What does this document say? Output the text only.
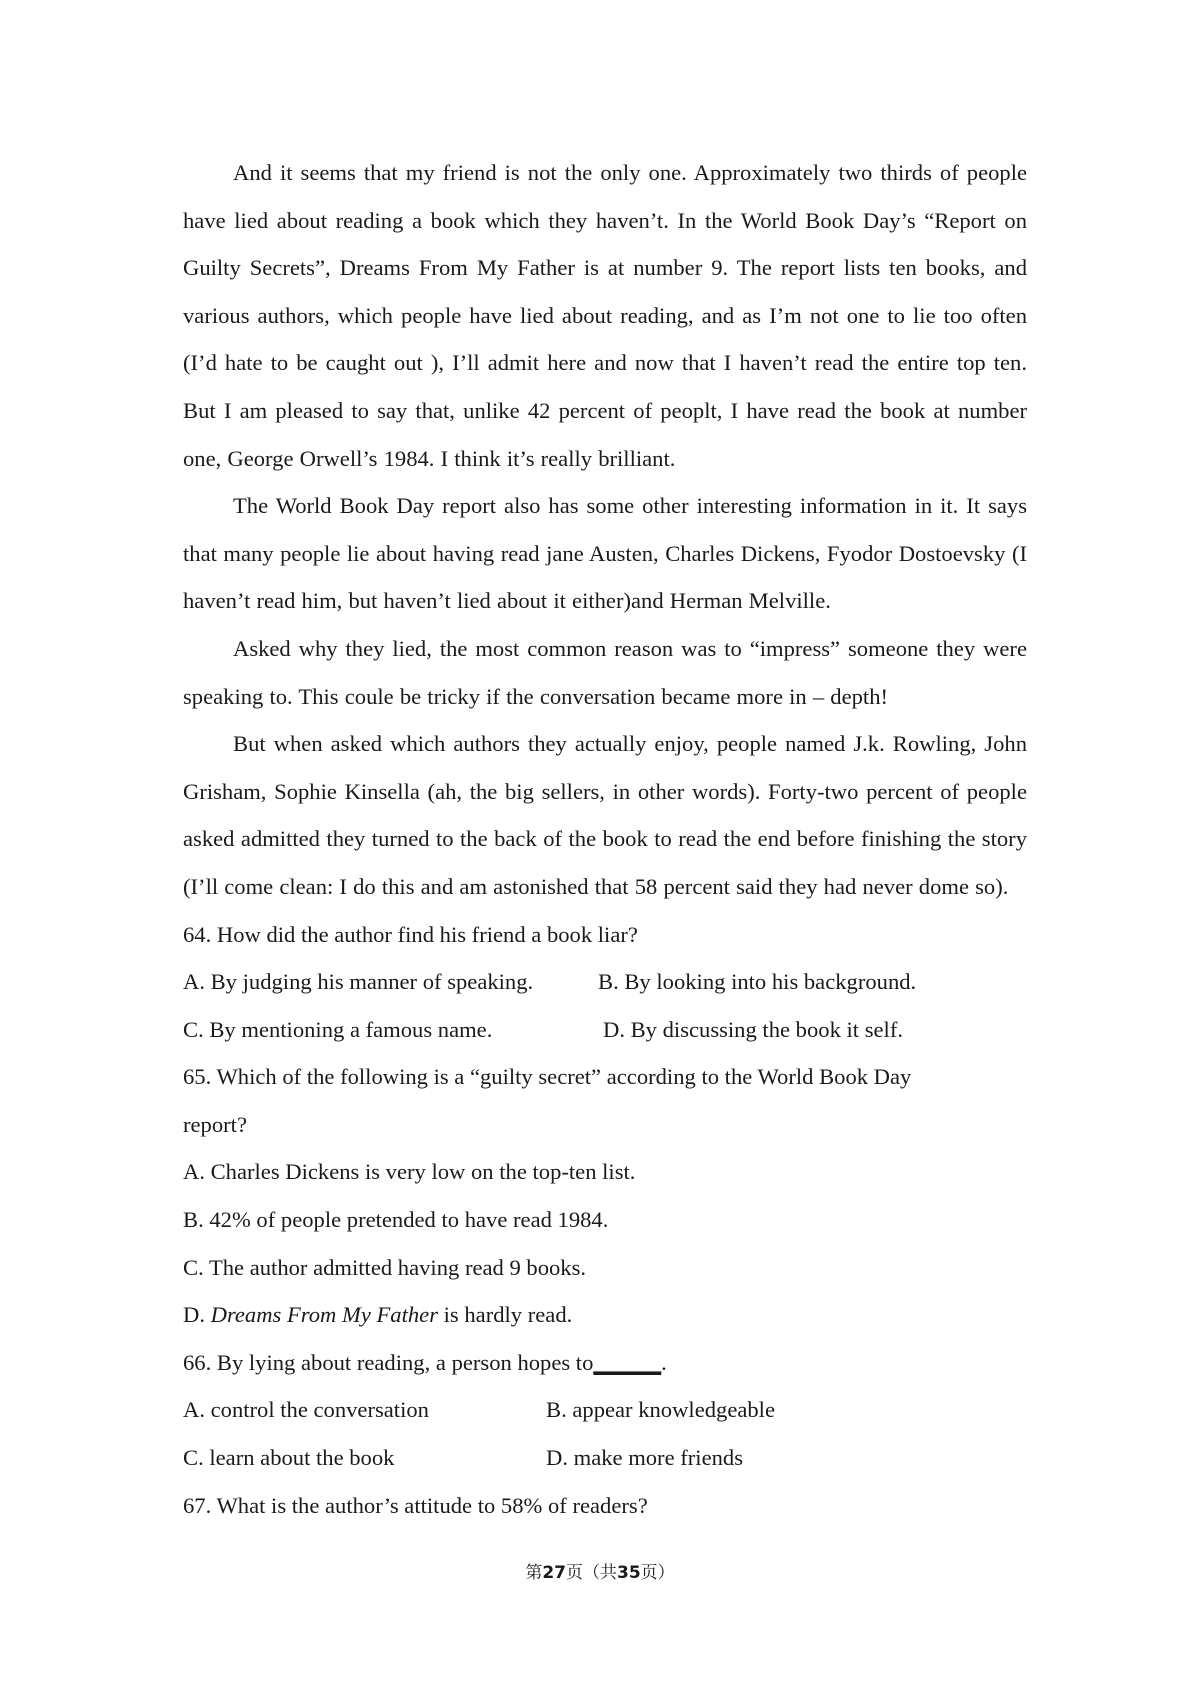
And it seems that my friend is not the only one. Approximately two thirds of people have lied about reading a book which they haven’t. In the World Book Day’s “Report on Guilty Secrets”, Dreams From My Father is at number 9. The report lists ten books, and various authors, which people have lied about reading, and as I’m not one to lie too often (I’d hate to be caught out ), I’ll admit here and now that I haven’t read the entire top ten. But I am pleased to say that, unlike 42 percent of peoplt, I have read the book at number one, George Orwell’s 1984. I think it’s really brilliant.

The World Book Day report also has some other interesting information in it. It says that many people lie about having read jane Austen, Charles Dickens, Fyodor Dostoevsky (I haven’t read him, but haven’t lied about it either)and Herman Melville.

Asked why they lied, the most common reason was to “impress” someone they were speaking to. This coule be tricky if the conversation became more in – depth!

But when asked which authors they actually enjoy, people named J.k. Rowling, John Grisham, Sophie Kinsella (ah, the big sellers, in other words). Forty-two percent of people asked admitted they turned to the back of the book to read the end before finishing the story (I’ll come clean: I do this and am astonished that 58 percent said they had never dome so).

64. How did the author find his friend a book liar?

A. By judging his manner of speaking.	B. By looking into his background.
C. By mentioning a famous name.	D. By discussing the book it self.

65. Which of the following is a “guilty secret” according to the World Book Day

report?

A. Charles Dickens is very low on the top-ten list.

B. 42% of people pretended to have read 1984.

C. The author admitted having read 9 books.

D. Dreams From My Father is hardly read.

66. By lying about reading, a person hopes to______.

A. control the conversation	B. appear knowledgeable
C. learn about the book	D. make more friends

67. What is the author’s attitude to 58% of readers?

第27页（共35页）
